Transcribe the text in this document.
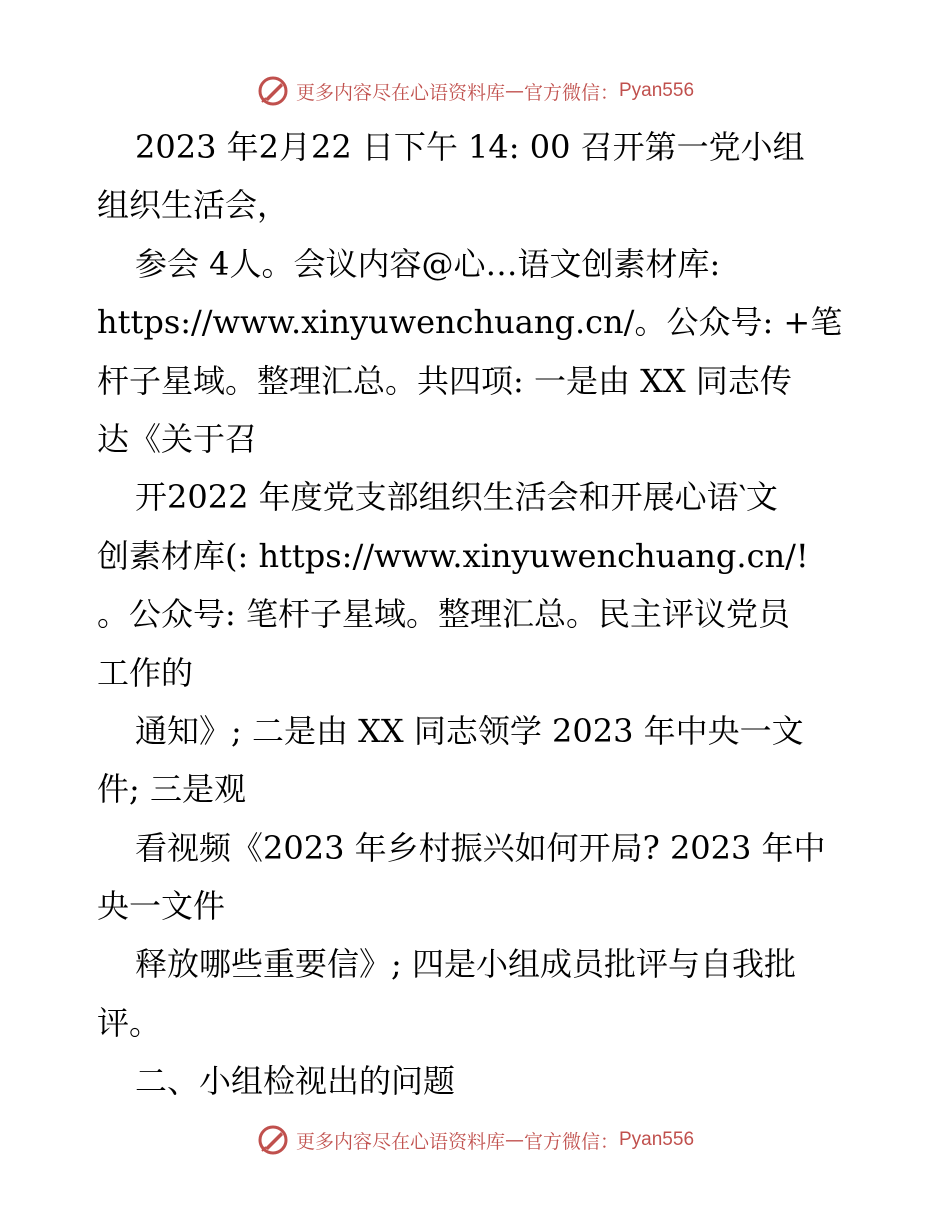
更多内容尽在心语资料库 — 官方微信： Pyan556
2023 年2月22 日下午 14: 00 召开第一党小组
组织生活会，
参会 4人。会议内容@心…语文创素材库:
https://www.xinyuwenchuang.cn/。公众号: +笔
杆子星域。整理汇总。共四项: 一是由 XX 同志传
达《关于召
开2022 年度党支部组织生活会和开展心语‵文
创素材库(: https://www.xinyuwenchuang.cn/!
。公众号: 笔杆子星域。整理汇总。民主评议党员
工作的
通知》; 二是由 XX 同志领学 2023 年中央一文
件; 三是观
看视频《2023 年乡村振兴如何开局? 2023 年中
央一文件
释放哪些重要信》; 四是小组成员批评与自我批
评。
二、小组检视出的问题
更多内容尽在心语资料库 — 官方微信： Pyan556
